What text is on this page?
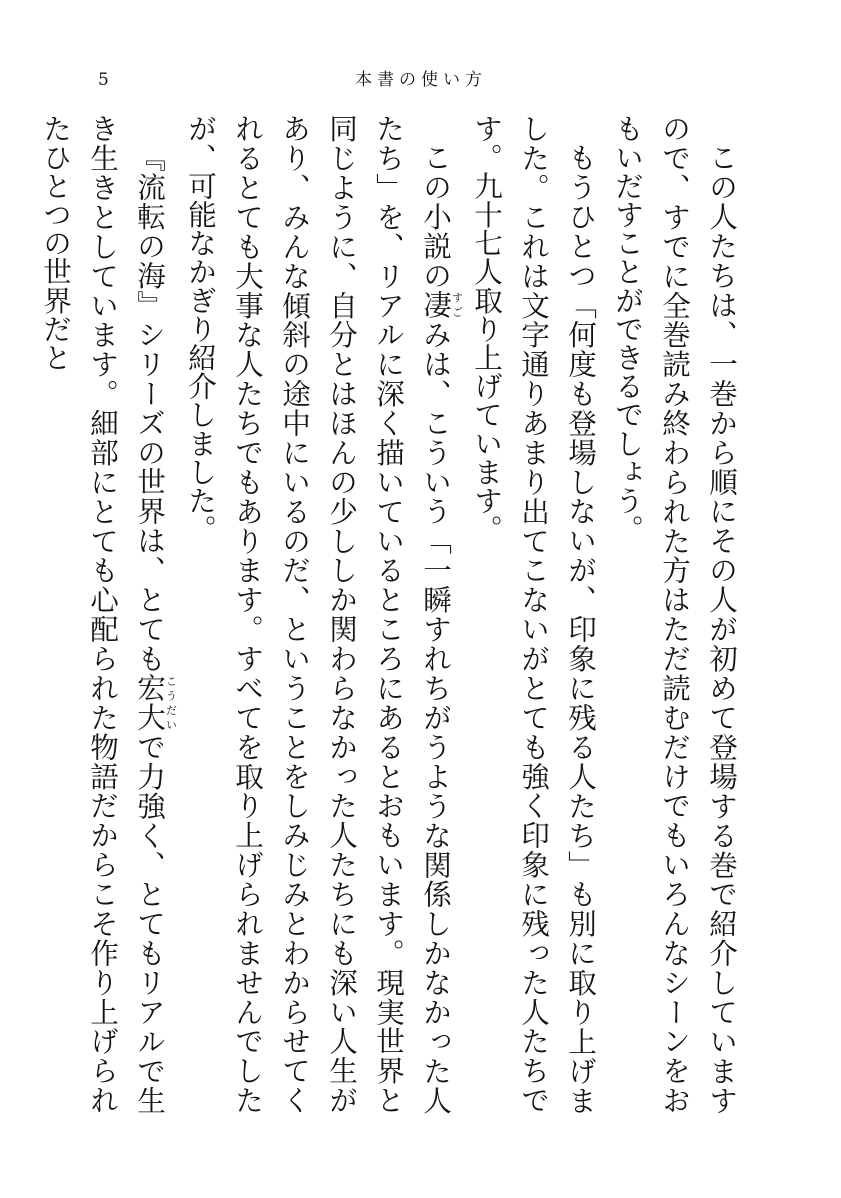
5	本書の使い方

この人たちは、一巻から順にその人が初めて登場する巻で紹介していますので、すでに全巻読み終わられた方はただ読むだけでもいろんなシーンをおもいだすことができるでしょう。

もうひとつ「何度も登場しないが、印象に残る人たち」も別に取り上げました。これは文字通りあまり出てこないがとても強く印象に残った人たちです。九十七人取り上げています。

この小説の凄すごみは、こういう「一瞬すれちがうような関係しかなかった人たち」を、リアルに深く描いているところにあるとおもいます。現実世界と同じように、自分とはほんの少ししか関わらなかった人たちにも深い人生があり、みんな傾斜の途中にいるのだ、ということをしみじみとわからせてくれるとても大事な人たちでもあります。すべてを取り上げられませんでしたが、可能なかぎり紹介しました。

『流転の海』シリーズの世界は、とても宏大こうだいで力強く、とてもリアルで生き生きとしています。細部にとても心配られた物語だからこそ作り上げられたひとつの世界だと
